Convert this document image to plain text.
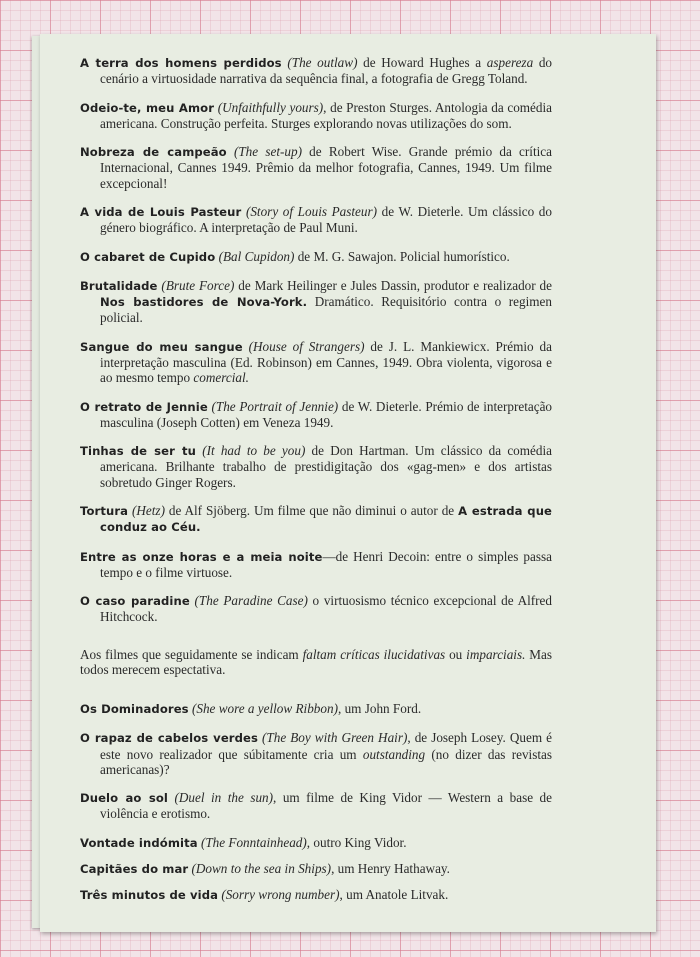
A terra dos homens perdidos (The outlaw) de Howard Hughes a aspereza do cenário a virtuosidade narrativa da sequência final, a fotografia de Gregg Toland.

Odeio-te, meu Amor (Unfaithfully yours), de Preston Sturges. Antologia da comédia americana. Construção perfeita. Sturges explorando novas utilizações do som.

Nobreza de campeão (The set-up) de Robert Wise. Grande prémio da crítica Internacional, Cannes 1949. Prêmio da melhor fotografia, Cannes, 1949. Um filme excepcional!

A vida de Louis Pasteur (Story of Louis Pasteur) de W. Dieterle. Um clássico do género biográfico. A interpretação de Paul Muni.

O cabaret de Cupido (Bal Cupidon) de M. G. Sawajon. Policial humorístico.

Brutalidade (Brute Force) de Mark Heilinger e Jules Dassin, produtor e realizador de Nos bastidores de Nova-York. Dramático. Requisitório contra o regimen policial.

Sangue do meu sangue (House of Strangers) de J. L. Mankiewicx. Prémio da interpretação masculina (Ed. Robinson) em Cannes, 1949. Obra violenta, vigorosa e ao mesmo tempo comercial.

O retrato de Jennie (The Portrait of Jennie) de W. Dieterle. Prémio de interpretação masculina (Joseph Cotten) em Veneza 1949.

Tinhas de ser tu (It had to be you) de Don Hartman. Um clássico da comédia americana. Brilhante trabalho de prestidigitação dos «gag-men» e dos artistas sobretudo Ginger Rogers.

Tortura (Hetz) de Alf Sjöberg. Um filme que não diminui o autor de A estrada que conduz ao Céu.

Entre as onze horas e a meia noite—de Henri Decoin: entre o simples passa tempo e o filme virtuose.

O caso paradine (The Paradine Case) o virtuosismo técnico excepcional de Alfred Hitchcock.

Aos filmes que seguidamente se indicam faltam críticas ilucidativas ou imparciais. Mas todos merecem espectativa.

Os Dominadores (She wore a yellow Ribbon), um John Ford.

O rapaz de cabelos verdes (The Boy with Green Hair), de Joseph Losey. Quem é este novo realizador que súbitamente cria um outstanding (no dizer das revistas americanas)?

Duelo ao sol (Duel in the sun), um filme de King Vidor — Western a base de violência e erotismo.

Vontade indómita (The Fonntainhead), outro King Vidor.

Capitães do mar (Down to the sea in Ships), um Henry Hathaway.

Três minutos de vida (Sorry wrong number), um Anatole Litvak.
